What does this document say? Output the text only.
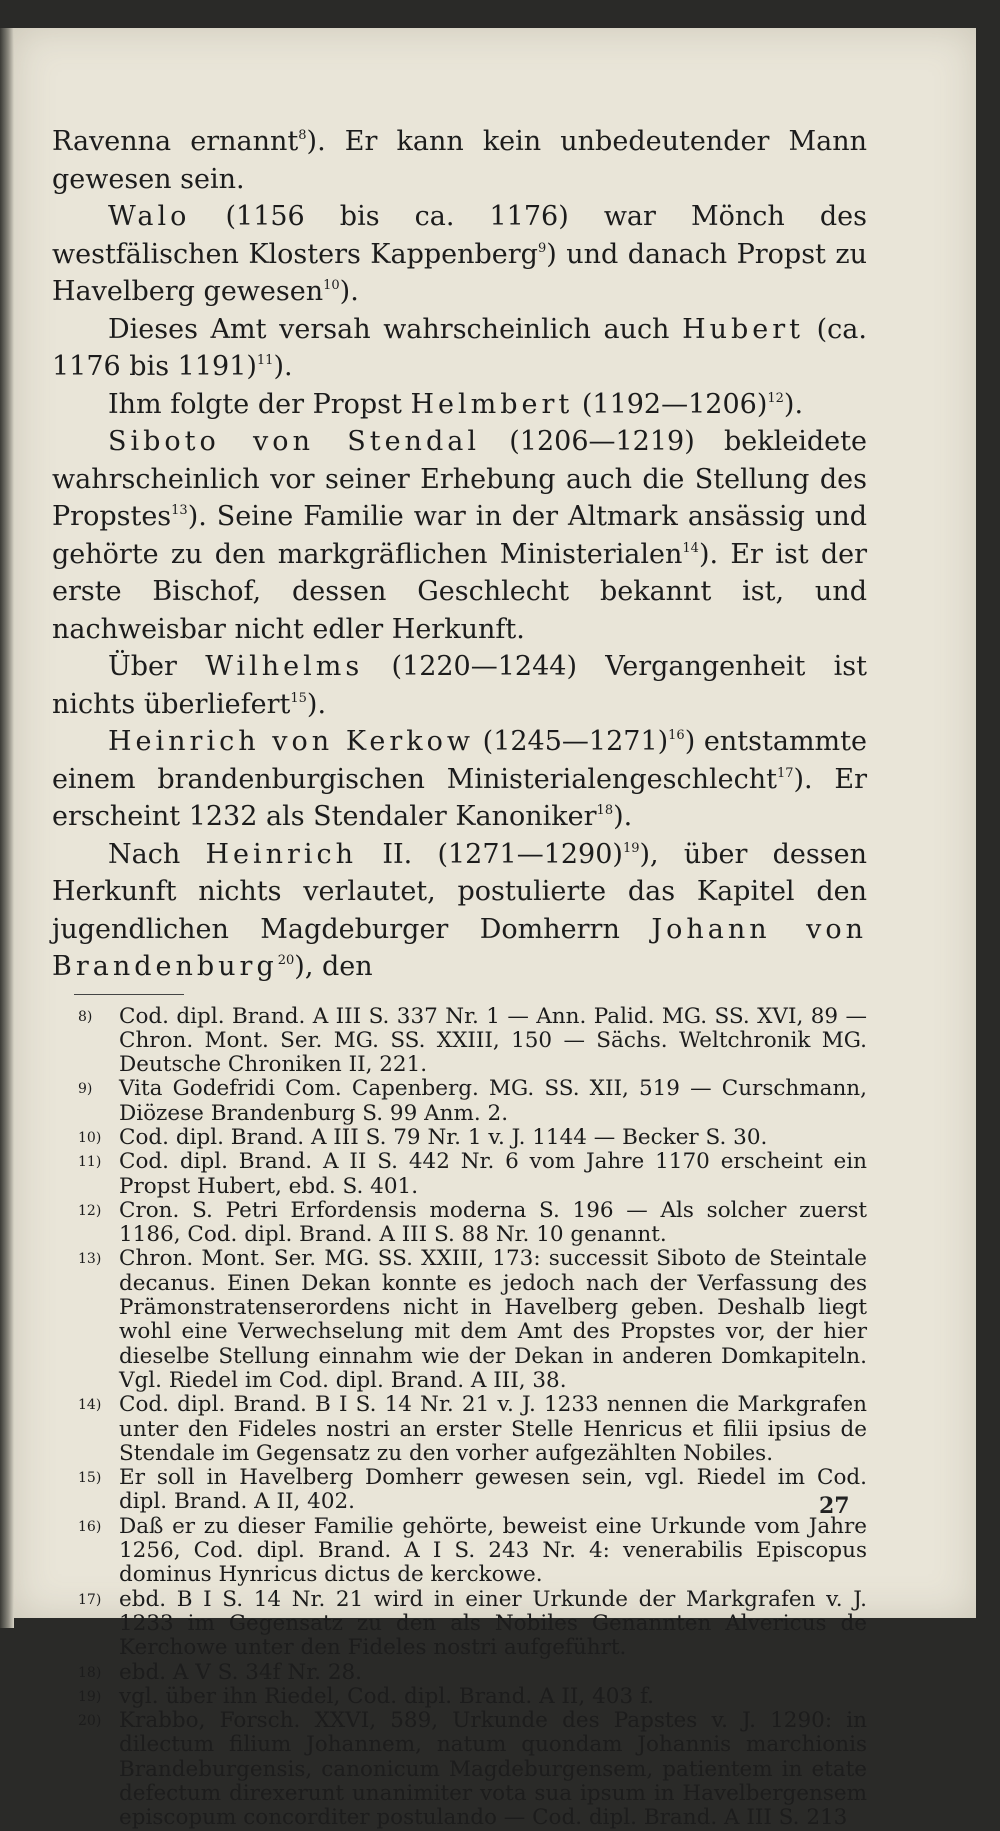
Ravenna ernannt$^8$). Er kann kein unbedeutender Mann gewesen sein.

Walo (1156 bis ca. 1176) war Mönch des westfälischen Klosters Kappenberg$^9$) und danach Propst zu Havelberg gewesen$^{10}$).

Dieses Amt versah wahrscheinlich auch Hubert (ca. 1176 bis 1191)$^{11}$).

Ihm folgte der Propst Helmbert (1192—1206)$^{12}$).

Siboto von Stendal (1206—1219) bekleidete wahrscheinlich vor seiner Erhebung auch die Stellung des Propstes$^{13}$). Seine Familie war in der Altmark ansässig und gehörte zu den markgräflichen Ministerialen$^{14}$). Er ist der erste Bischof, dessen Geschlecht bekannt ist, und nachweisbar nicht edler Herkunft.

Über Wilhelms (1220—1244) Vergangenheit ist nichts überliefert$^{15}$).

Heinrich von Kerkow (1245—1271)$^{16}$) entstammte einem brandenburgischen Ministerialengeschlecht$^{17}$). Er erscheint 1232 als Stendaler Kanoniker$^{18}$).

Nach Heinrich II. (1271—1290)$^{19}$), über dessen Herkunft nichts verlautet, postulierte das Kapitel den jugendlichen Magdeburger Domherrn Johann von Brandenburg$^{20}$), den

8)	Cod. dipl. Brand. A III S. 337 Nr. 1 — Ann. Palid. MG. SS. XVI, 89 — Chron. Mont. Ser. MG. SS. XXIII, 150 — Sächs. Weltchronik MG. Deutsche Chroniken II, 221.
9)	Vita Godefridi Com. Capenberg. MG. SS. XII, 519 — Curschmann, Diözese Brandenburg S. 99 Anm. 2.
10) Cod. dipl. Brand. A III S. 79 Nr. 1 v. J. 1144 — Becker S. 30.
11) Cod. dipl. Brand. A II S. 442 Nr. 6 vom Jahre 1170 erscheint ein Propst Hubert, ebd. S. 401.
12) Cron. S. Petri Erfordensis moderna S. 196 — Als solcher zuerst 1186, Cod. dipl. Brand. A III S. 88 Nr. 10 genannt.
13) Chron. Mont. Ser. MG. SS. XXIII, 173: successit Siboto de Steintale decanus. Einen Dekan konnte es jedoch nach der Verfassung des Prämonstratenserordens nicht in Havelberg geben. Deshalb liegt wohl eine Verwechselung mit dem Amt des Propstes vor, der hier dieselbe Stellung einnahm wie der Dekan in anderen Domkapiteln. Vgl. Riedel im Cod. dipl. Brand. A III, 38.
14) Cod. dipl. Brand. B I S. 14 Nr. 21 v. J. 1233 nennen die Markgrafen unter den Fideles nostri an erster Stelle Henricus et filii ipsius de Stendale im Gegensatz zu den vorher aufgezählten Nobiles.
15) Er soll in Havelberg Domherr gewesen sein, vgl. Riedel im Cod. dipl. Brand. A II, 402.
16) Daß er zu dieser Familie gehörte, beweist eine Urkunde vom Jahre 1256, Cod. dipl. Brand. A I S. 243 Nr. 4: venerabilis Episcopus dominus Hynricus dictus de kerckowe.
17) ebd. B I S. 14 Nr. 21 wird in einer Urkunde der Markgrafen v. J. 1233 im Gegensatz zu den als Nobiles Genannten Alvericus de Kerchowe unter den Fideles nostri aufgeführt.
18) ebd. A V S. 34f Nr. 28.
19) vgl. über ihn Riedel, Cod. dipl. Brand. A II, 403 f.
20) Krabbo, Forsch. XXVI, 589, Urkunde des Papstes v. J. 1290: in dilectum filium Johannem, natum quondam Johannis marchionis Brandeburgensis, canonicum Magdeburgensem, patientem in etate defectum direxerunt unanimiter vota sua ipsum in Havelbergensem episcopum concorditer postulando — Cod. dipl. Brand. A III S. 213
27
